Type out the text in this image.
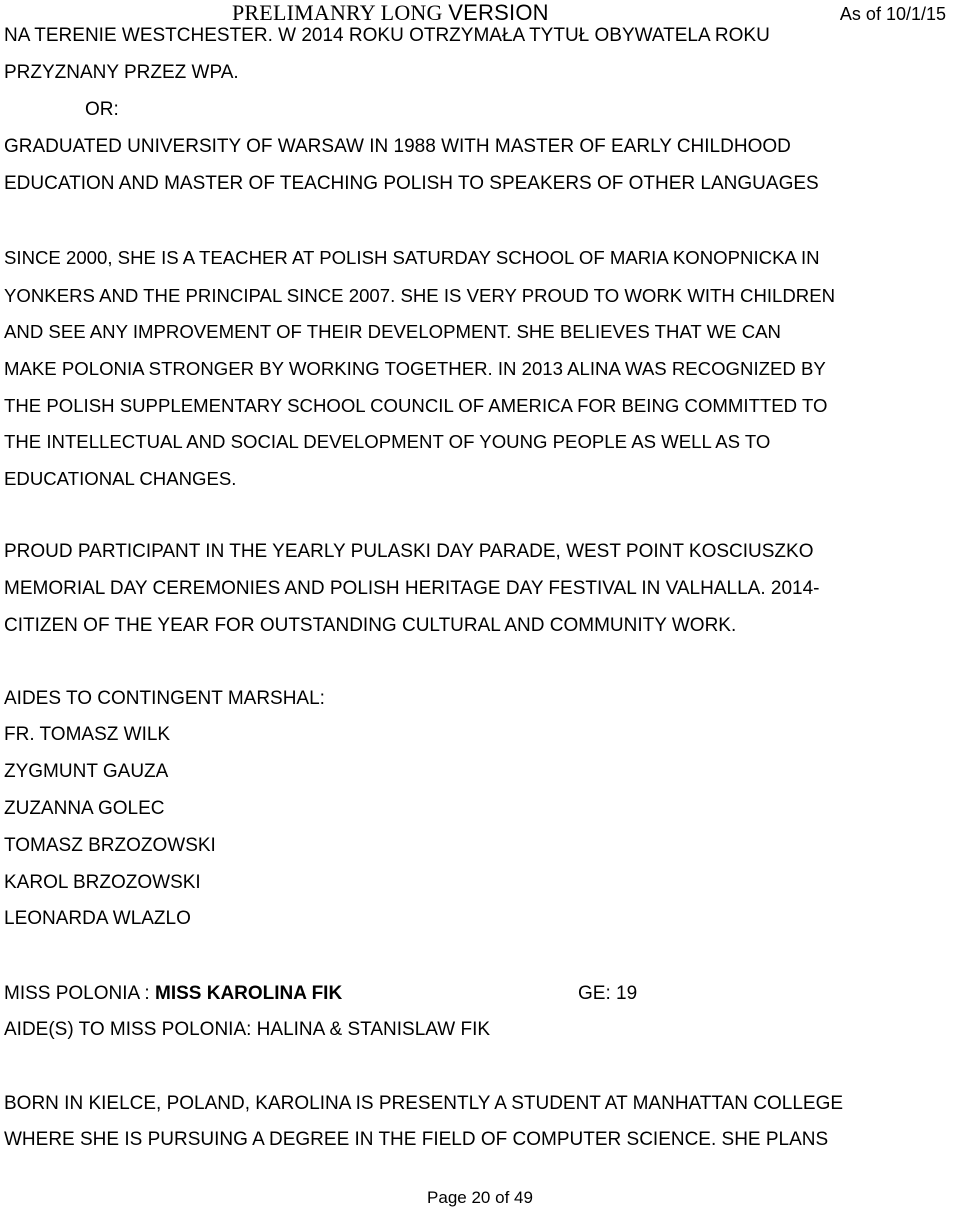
PRELIMANRY LONG VERSION	As of 10/1/15
NA TERENIE WESTCHESTER. W 2014 ROKU OTRZYMAŁA TYTUŁ OBYWATELA ROKU
PRZYZNANY PRZEZ WPA.
OR:
GRADUATED UNIVERSITY OF WARSAW IN 1988 WITH MASTER OF EARLY CHILDHOOD
EDUCATION AND MASTER OF TEACHING POLISH TO SPEAKERS OF OTHER LANGUAGES
SINCE 2000, SHE IS A TEACHER AT POLISH SATURDAY SCHOOL OF MARIA KONOPNICKA IN
YONKERS AND THE PRINCIPAL SINCE 2007. SHE IS VERY PROUD TO WORK WITH CHILDREN
AND SEE ANY IMPROVEMENT OF THEIR DEVELOPMENT. SHE BELIEVES THAT WE CAN
MAKE POLONIA STRONGER BY WORKING TOGETHER. IN 2013 ALINA WAS RECOGNIZED BY
THE POLISH SUPPLEMENTARY SCHOOL COUNCIL OF AMERICA FOR BEING COMMITTED TO
THE INTELLECTUAL AND SOCIAL DEVELOPMENT OF YOUNG PEOPLE AS WELL AS TO
EDUCATIONAL CHANGES.
PROUD PARTICIPANT IN THE YEARLY PULASKI DAY PARADE, WEST POINT KOSCIUSZKO
MEMORIAL DAY CEREMONIES AND POLISH HERITAGE DAY FESTIVAL IN VALHALLA. 2014-
CITIZEN OF THE YEAR FOR OUTSTANDING CULTURAL AND COMMUNITY WORK.
AIDES TO CONTINGENT MARSHAL:
FR. TOMASZ WILK
ZYGMUNT GAUZA
ZUZANNA GOLEC
TOMASZ BRZOZOWSKI
KAROL BRZOZOWSKI
LEONARDA WLAZLO
MISS POLONIA : MISS KAROLINA FIK	GE: 19
AIDE(S) TO MISS POLONIA: HALINA & STANISLAW FIK
BORN IN KIELCE, POLAND, KAROLINA IS PRESENTLY A STUDENT AT MANHATTAN COLLEGE
WHERE SHE IS PURSUING A DEGREE IN THE FIELD OF COMPUTER SCIENCE. SHE PLANS
Page 20 of 49
